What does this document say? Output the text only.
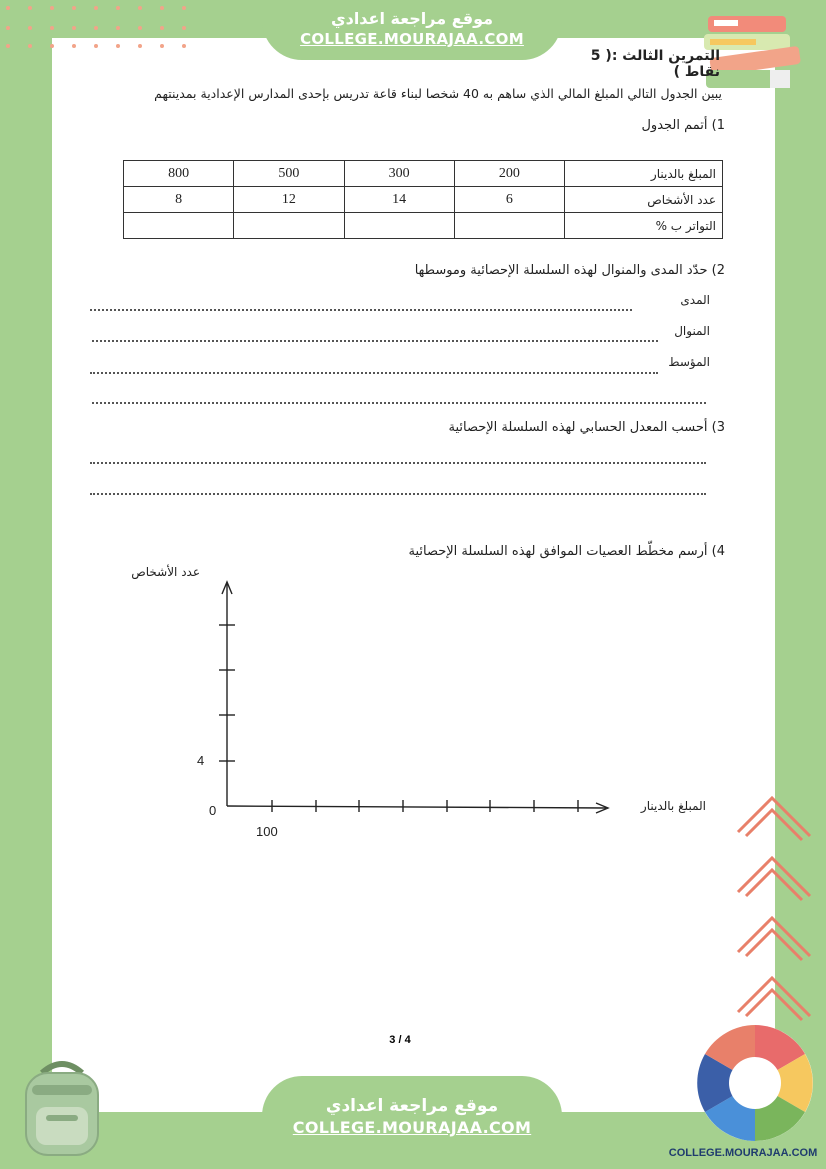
موقع مراجعة اعدادي
COLLEGE.MOURAJAA.COM
التمرين الثالث :( 5 نقاط )
يبين الجدول التالي المبلغ المالي الذي ساهم به 40 شخصا لبناء قاعة تدريس بإحدى المدارس الإعدادية بمدينتهم
1) أتمم الجدول
المبلغ بالدينار	200	300	500	800
عدد الأشخاص	6	14	12	8
التواتر ب %				
2) حدّد المدى والمنوال لهذه السلسلة الإحصائية وموسطها
المدى
المنوال
المؤسط
3) أحسب المعدل الحسابي لهذه السلسلة الإحصائية
4) أرسم مخطّط العصيات الموافق لهذه السلسلة الإحصائية
عدد الأشخاص
المبلغ بالدينار
4
0
100
3 / 4
موقع مراجعة اعدادي
COLLEGE.MOURAJAA.COM
COLLEGE.MOURAJAA.COM
